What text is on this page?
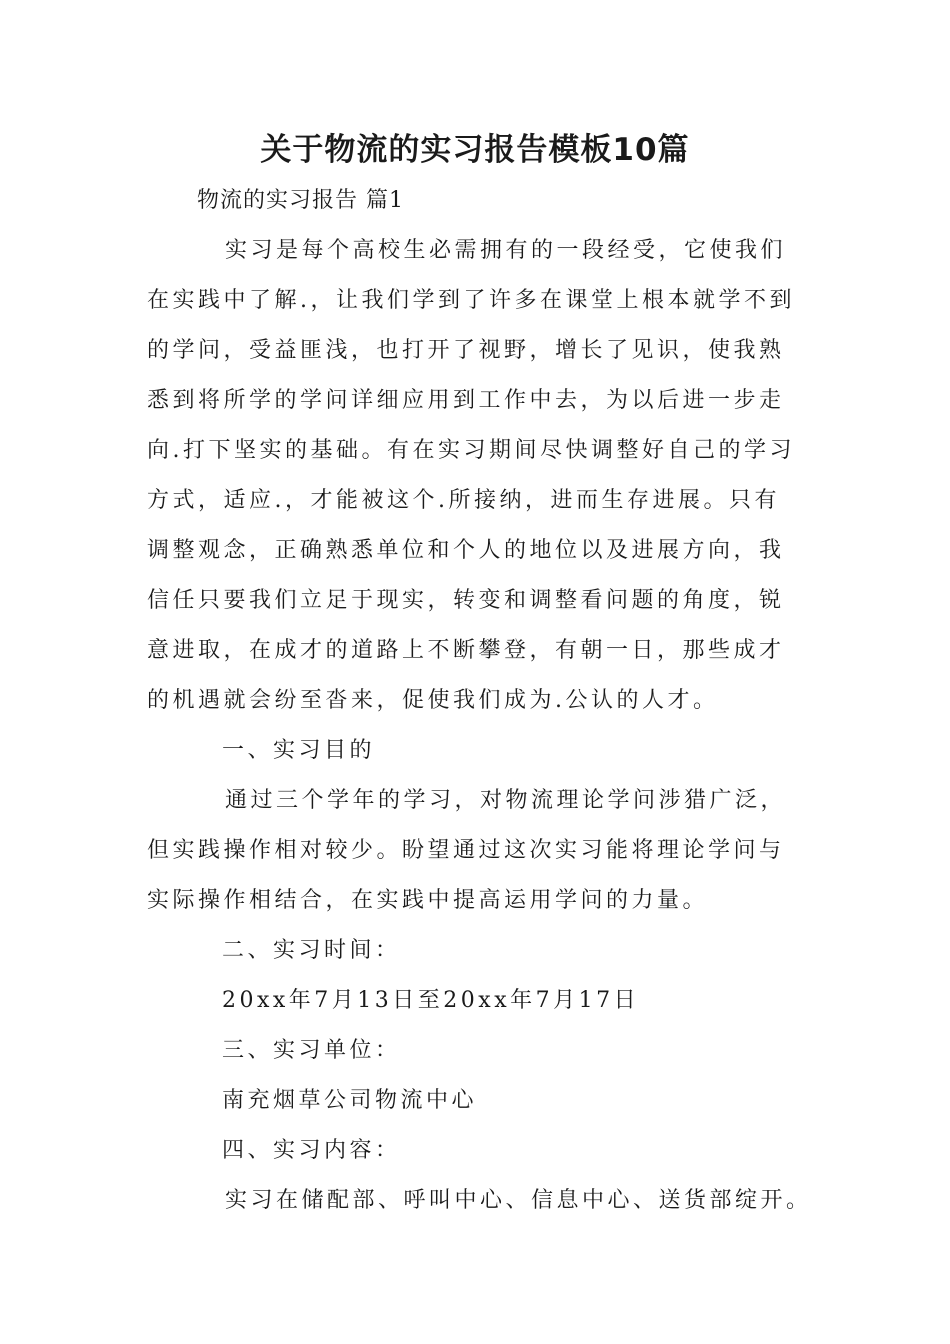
关于物流的实习报告模板10篇

物流的实习报告 篇1

实习是每个高校生必需拥有的一段经受，它使我们

在实践中了解.，让我们学到了许多在课堂上根本就学不到

的学问，受益匪浅，也打开了视野，增长了见识，使我熟

悉到将所学的学问详细应用到工作中去，为以后进一步走

向.打下坚实的基础。有在实习期间尽快调整好自己的学习

方式，适应.，才能被这个.所接纳，进而生存进展。只有

调整观念，正确熟悉单位和个人的地位以及进展方向，我

信任只要我们立足于现实，转变和调整看问题的角度，锐

意进取，在成才的道路上不断攀登，有朝一日，那些成才

的机遇就会纷至沓来，促使我们成为.公认的人才。

一、实习目的

通过三个学年的学习，对物流理论学问涉猎广泛，

但实践操作相对较少。盼望通过这次实习能将理论学问与

实际操作相结合，在实践中提高运用学问的力量。

二、实习时间：

20xx年7月13日至20xx年7月17日

三、实习单位：

南充烟草公司物流中心

四、实习内容：

实习在储配部、呼叫中心、信息中心、送货部绽开。
